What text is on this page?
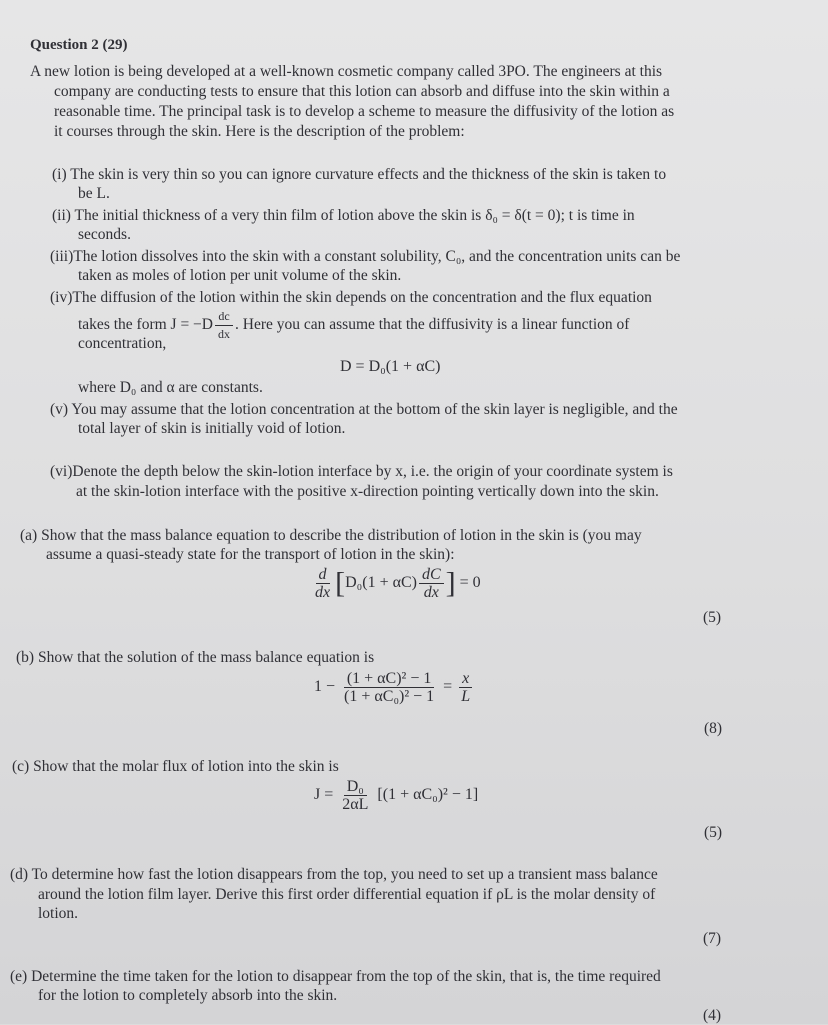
Question 2 (29)
A new lotion is being developed at a well-known cosmetic company called 3PO. The engineers at this
company are conducting tests to ensure that this lotion can absorb and diffuse into the skin within a
reasonable time. The principal task is to develop a scheme to measure the diffusivity of the lotion as
it courses through the skin. Here is the description of the problem:
(i) The skin is very thin so you can ignore curvature effects and the thickness of the skin is taken to
be L.
(ii) The initial thickness of a very thin film of lotion above the skin is δ₀ = δ(t = 0); t is time in
seconds.
(iii)The lotion dissolves into the skin with a constant solubility, C₀, and the concentration units can be
taken as moles of lotion per unit volume of the skin.
(iv)The diffusion of the lotion within the skin depends on the concentration and the flux equation
takes the form $J = -D \frac{dc}{dx}$ . Here you can assume that the diffusivity is a linear function of
concentration,
D = D₀(1 + αC)
where D₀ and α are constants.
(v) You may assume that the lotion concentration at the bottom of the skin layer is negligible, and the
total layer of skin is initially void of lotion.
(vi)Denote the depth below the skin-lotion interface by x, i.e. the origin of your coordinate system is
at the skin-lotion interface with the positive x-direction pointing vertically down into the skin.
(a) Show that the mass balance equation to describe the distribution of lotion in the skin is (you may
assume a quasi-steady state for the transport of lotion in the skin):
$\frac{d}{dx} [D_0(1 + \alpha C) \frac{dC}{dx}$ ] = 0
(5)
(b) Show that the solution of the mass balance equation is
$1 - \frac{\text{(1 + αC)² − 1}}{\text{(1 + αC₀)² − 1}} = \frac{x}{L}$
(8)
(c) Show that the molar flux of lotion into the skin is
$J = \frac{\text{D₀}}{2\alpha L} [(1 + \alpha C_0)^2 - 1]$
(5)
(d) To determine how fast the lotion disappears from the top, you need to set up a transient mass balance
around the lotion film layer. Derive this first order differential equation if ρL is the molar density of
lotion.
(7)
(e) Determine the time taken for the lotion to disappear from the top of the skin, that is, the time required
for the lotion to completely absorb into the skin.
(4)
